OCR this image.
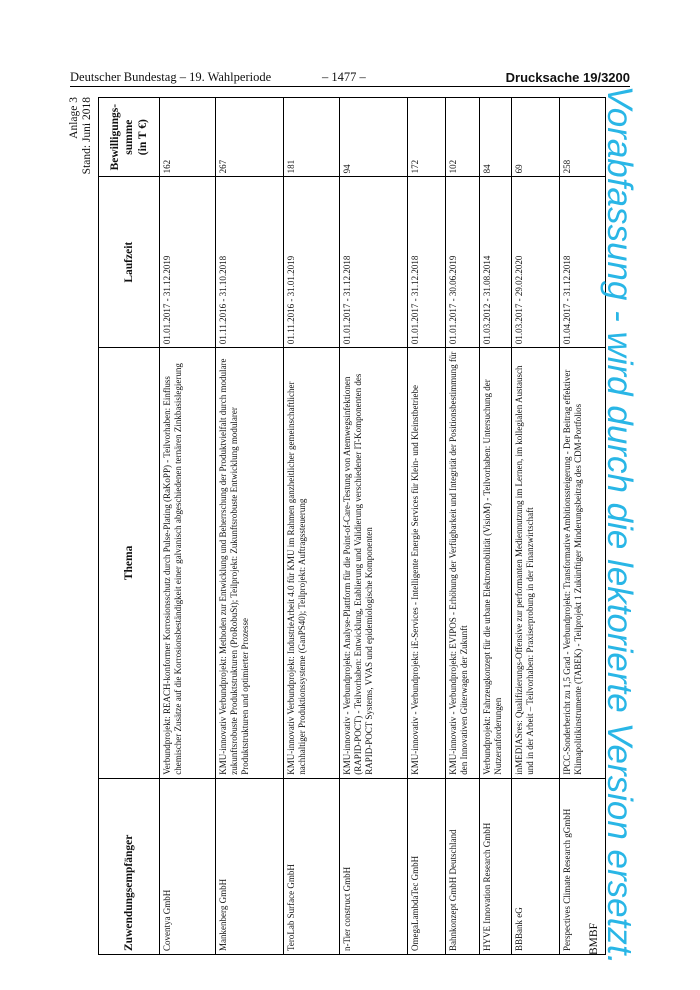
Deutscher Bundestag – 19. Wahlperiode	– 1477 –	Drucksache 19/3200
BMBF
Anlage 3 Stand: Juni 2018
Zuwendungsempfänger	Thema	Laufzeit	Bewilligungs- summe (in T €)
Coventya GmbH	Verbundprojekt: REACH-konformer Korrosionsschutz durch Pulse-Plating (RaKoPP) - Teilvorhaben: Einfluss chemischer Zusätze auf die Korrosionsbeständigkeit einer galvanisch abgeschiedenen ternären Zinkbasislegierung	01.01.2017 - 31.12.2019	162
Mankenberg GmbH	KMU-innovativ Verbundprojekt: Methoden zur Entwicklung und Beherrschung der Produktvielfalt durch modulare zukunftsrobuste Produktstrukturen (ProRobuSt); Teilprojekt: Zukunftsrobuste Entwicklung modularer Produktstrukturen und optimierter Prozesse	01.11.2016 - 31.10.2018	267
TeroLab Surface GmbH	KMU-innovativ Verbundprojekt: IndustrieArbeit 4.0 für KMU im Rahmen ganzheitlicher gemeinschaftlicher nachhaltiger Produktionssysteme (GanPS40); Teilprojekt: Auftragssteuerung	01.11.2016 - 31.01.2019	181
n-Tier construct GmbH	KMU-innovativ - Verbundprojekt: Analyse-Plattform für die Point-of-Care-Testung von Atemwegsinfektionen (RAPID-POCT) - Teilvorhaben: Entwicklung, Etablierung und Validierung verschiedener IT-Komponenten des RAPID-POCT Systems, VVAS und epidemiologische Komponenten	01.01.2017 - 31.12.2018	94
OmegaLambdaTec GmbH	KMU-innovativ - Verbundprojekt: iE-Services - Intelligente Energie Services für Klein- und Kleinstbetriebe	01.01.2017 - 31.12.2018	172
Bahnkonzept GmbH Deutschland	KMU-innovativ - Verbundprojekt: EVIPOS - Erhöhung der Verfügbarkeit und Integrität der Positionsbestimmung für den Innovativen Güterwagen der Zukunft	01.01.2017 - 30.06.2019	102
HYVE Innovation Research GmbH	Verbundprojekt: Fahrzeugkonzept für die urbane Elektromobilität (VisioM) - Teilvorhaben: Untersuchung der Nutzeranforderungen	01.03.2012 - 31.08.2014	84
BBBank eG	inMEDIASres: Qualifizierungs-Offensive zur performanten Mediennutzung im Lernen, im kollegialen Austausch und in der Arbeit – Teilvorhaben: Praxiserprobung in der Finanzwirtschaft	01.03.2017 - 29.02.2020	69
Perspectives Climate Research gGmbH	IPCC-Sonderbericht zu 1,5 Grad - Verbundprojekt: Transformative Ambitionssteigerung - Der Beitrag effektiver Klimapolitikinstrumente (TABEK) - Teilprojekt 1 Zukünftiger Minderungsbeitrag des CDM-Portfolios	01.04.2017 - 31.12.2018	258 Vorabfassung - wird durch die lektorierte Version ersetzt.
